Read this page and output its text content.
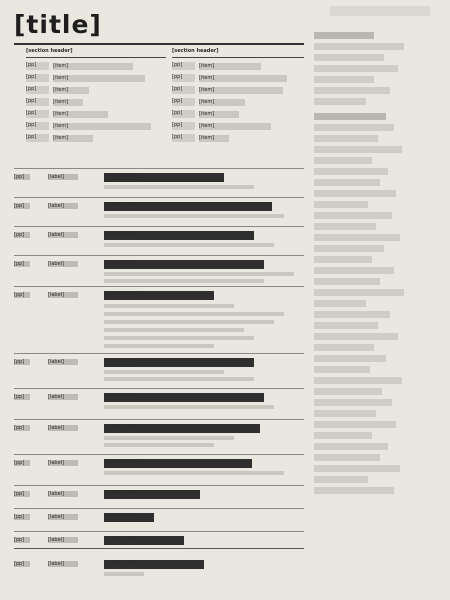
[title]
[section header]
[pp]	[item]
[pp]	[item]
[pp]	[item]
[pp]	[item]
[pp]	[item]
[pp]	[item]
[pp]	[item]
[section header]
[pp]	[item]
[pp]	[item]
[pp]	[item]
[pp]	[item]
[pp]	[item]
[pp]	[item]
[pp]	[item]
[pp]	[label]	[chapter title]
[pp]	[label]	[chapter title]
[pp]	[label]	[chapter title]
[pp]	[label]	[chapter title]
[pp]	[label]	[chapter title]
[pp]	[label]	[chapter title]
[pp]	[label]	[chapter title]
[pp]	[label]	[chapter title]
[pp]	[label]	[chapter title]
[pp]	[label]	[chapter title]
[pp]	[label]	[chapter title]
[pp]	[label]	[chapter title]
[pp]	[label]	[chapter title]
